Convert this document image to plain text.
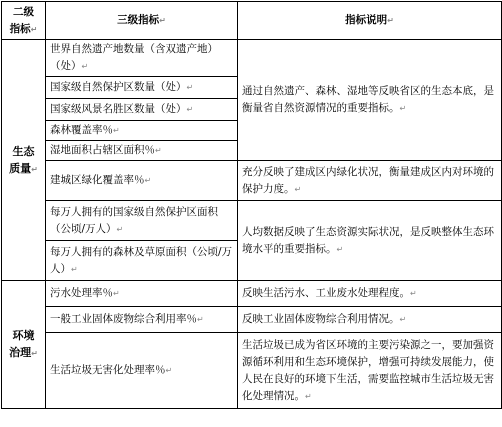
二级
指标↵	三级指标↵	指标说明↵
生态
质量↵	世界自然遗产地数量（含双遗产地）（处）↵	通过自然遗产、森林、湿地等反映省区的生态本底，是衡量省自然资源情况的重要指标。↵
	国家级自然保护区数量（处）↵	
	国家级风景名胜区数量（处）↵	
	森林覆盖率％↵	
	湿地面积占辖区面积％↵	
	建城区绿化覆盖率％↵	充分反映了建成区内绿化状况，衡量建成区内对环境的保护力度。↵
	每万人拥有的国家级自然保护区面积（公顷/万人）↵	人均数据反映了生态资源实际状况，是反映整体生态环境水平的重要指标。↵
	每万人拥有的森林及草原面积（公顷/万人）↵	
环境
治理↵	污水处理率％↵	反映生活污水、工业废水处理程度。↵
	一般工业固体废物综合利用率％↵	反映工业固体废物综合利用情况。↵
	生活垃圾无害化处理率％↵	生活垃圾已成为省区环境的主要污染源之一，要加强资源循环利用和生态环境保护，增强可持续发展能力，使人民在良好的环境下生活，需要监控城市生活垃圾无害化处理情况。↵
